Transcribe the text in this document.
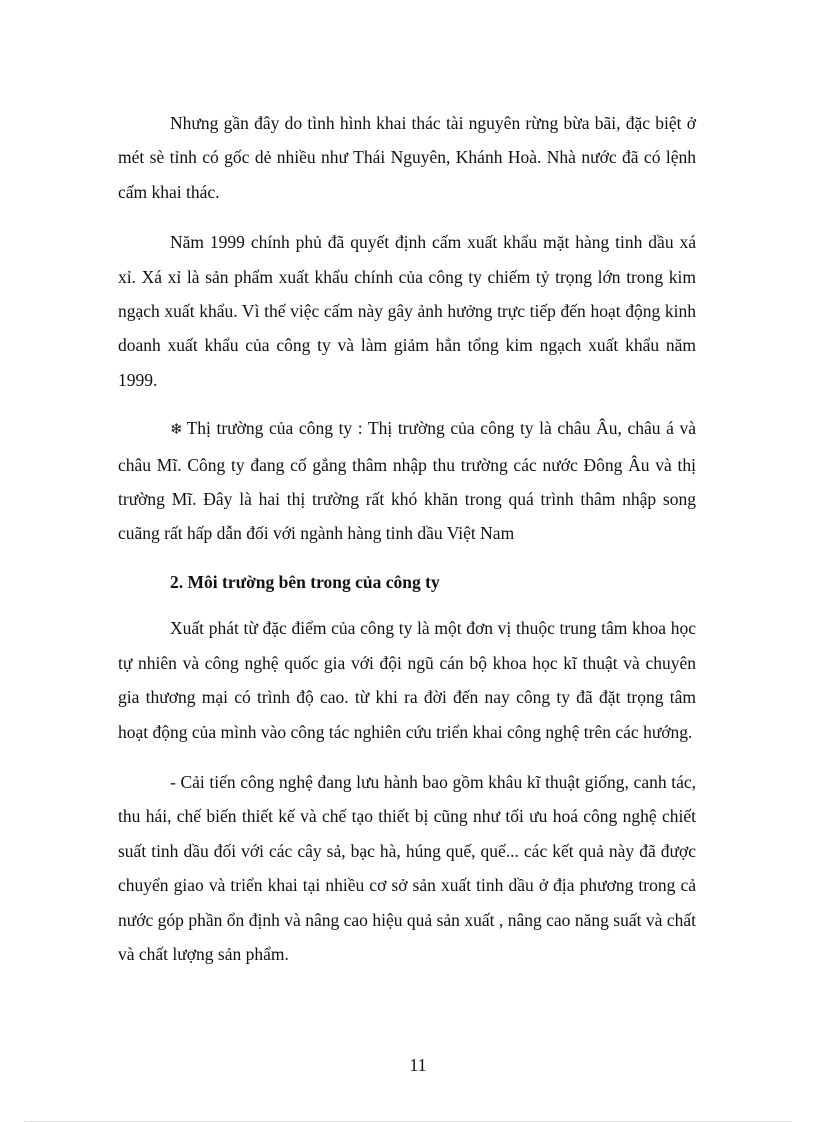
Nhưng gần đây do tình hình khai thác tài nguyên rừng bừa bãi, đặc biệt ở mét sè tỉnh có gốc dẻ nhiều như Thái Nguyên, Khánh Hoà. Nhà nước đã có lệnh cấm khai thác.

Năm 1999 chính phủ đã quyết định cấm xuất khẩu mặt hàng tinh dầu xá xỉ. Xá xỉ là sản phẩm xuất khẩu chính của công ty chiếm tỷ trọng lớn trong kim ngạch xuất khẩu. Vì thế việc cấm này gây ảnh hưởng trực tiếp đến hoạt động kinh doanh xuất khẩu của công ty và làm giảm hẳn tổng kim ngạch xuất khẩu năm 1999.

❄ Thị trường của công ty : Thị trường của công ty là châu Âu, châu á và châu Mĩ. Công ty đang cố gắng thâm nhập thu trường các nước Đông Âu và thị trường Mĩ. Đây là hai thị trường rất khó khăn trong quá trình thâm nhập song cuãng rất hấp dẫn đối với ngành hàng tinh dầu Việt Nam

2. Môi trường bên trong của công ty

Xuất phát từ đặc điểm của công ty là một đơn vị thuộc trung tâm khoa học tự nhiên và công nghệ quốc gia với đội ngũ cán bộ khoa học kĩ thuật và chuyên gia thương mại có trình độ cao. từ khi ra đời đến nay công ty đã đặt trọng tâm hoạt động của mình vào công tác nghiên cứu triển khai công nghệ trên các hướng.

- Cải tiến công nghệ đang lưu hành bao gồm khâu kĩ thuật giống, canh tác, thu hái, chế biến thiết kế và chế tạo thiết bị cũng như tối ưu hoá công nghệ chiết suất tinh dầu đối với các cây sả, bạc hà, húng quế, quế... các kết quả này đã được chuyển giao và triển khai tại nhiều cơ sở sản xuất tinh dầu ở địa phương trong cả nước góp phần ổn định và nâng cao hiệu quả sản xuất , nâng cao năng suất và chất và chất lượng sản phẩm.

11
